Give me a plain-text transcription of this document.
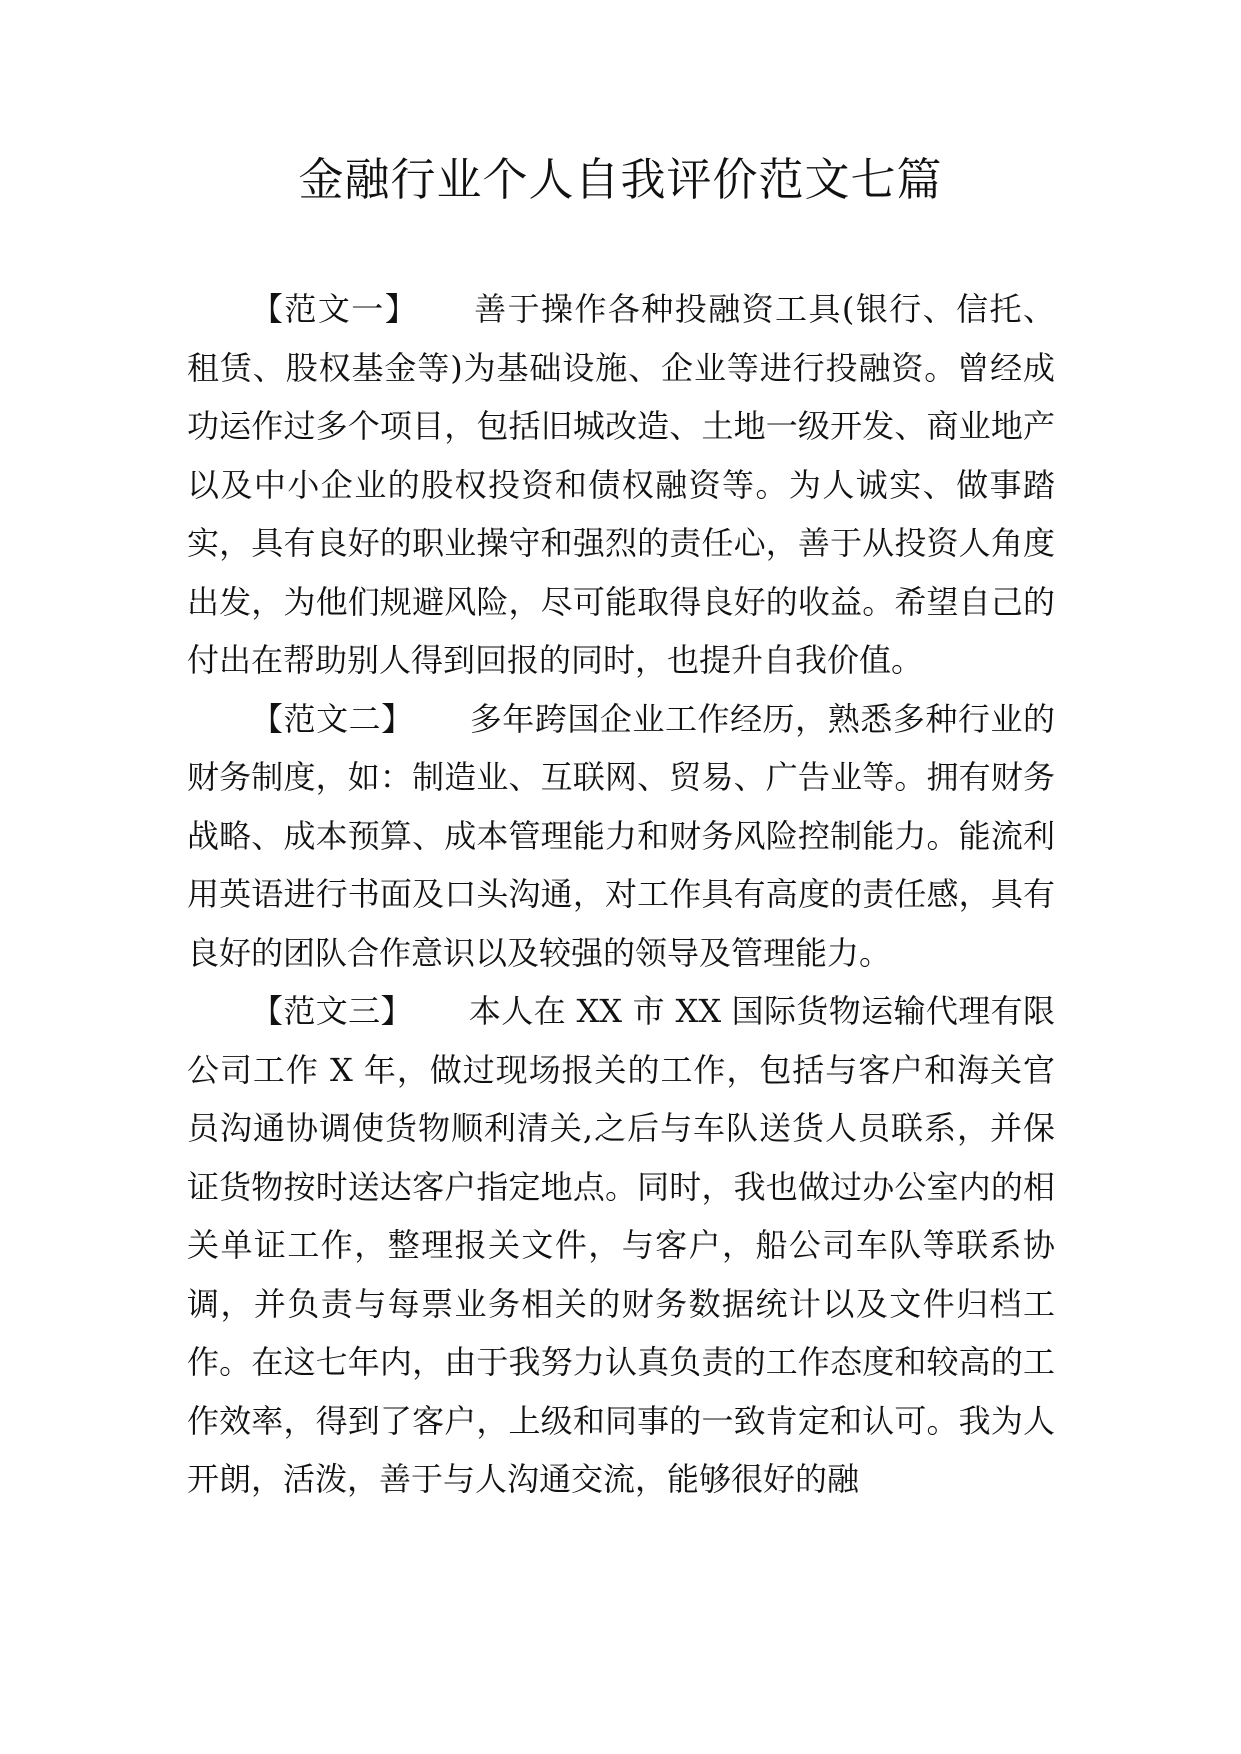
金融行业个人自我评价范文七篇

【范文一】 善于操作各种投融资工具(银行、信托、租赁、股权基金等)为基础设施、企业等进行投融资。曾经成功运作过多个项目，包括旧城改造、土地一级开发、商业地产以及中小企业的股权投资和债权融资等。为人诚实、做事踏实，具有良好的职业操守和强烈的责任心，善于从投资人角度出发，为他们规避风险，尽可能取得良好的收益。希望自己的付出在帮助别人得到回报的同时，也提升自我价值。

【范文二】 多年跨国企业工作经历，熟悉多种行业的财务制度，如：制造业、互联网、贸易、广告业等。拥有财务战略、成本预算、成本管理能力和财务风险控制能力。能流利用英语进行书面及口头沟通，对工作具有高度的责任感，具有良好的团队合作意识以及较强的领导及管理能力。

【范文三】 本人在 XX 市 XX 国际货物运输代理有限公司工作 X 年，做过现场报关的工作，包括与客户和海关官员沟通协调使货物顺利清关,之后与车队送货人员联系，并保证货物按时送达客户指定地点。同时，我也做过办公室内的相关单证工作，整理报关文件，与客户，船公司车队等联系协调，并负责与每票业务相关的财务数据统计以及文件归档工作。在这七年内，由于我努力认真负责的工作态度和较高的工作效率，得到了客户，上级和同事的一致肯定和认可。我为人开朗，活泼，善于与人沟通交流，能够很好的融
